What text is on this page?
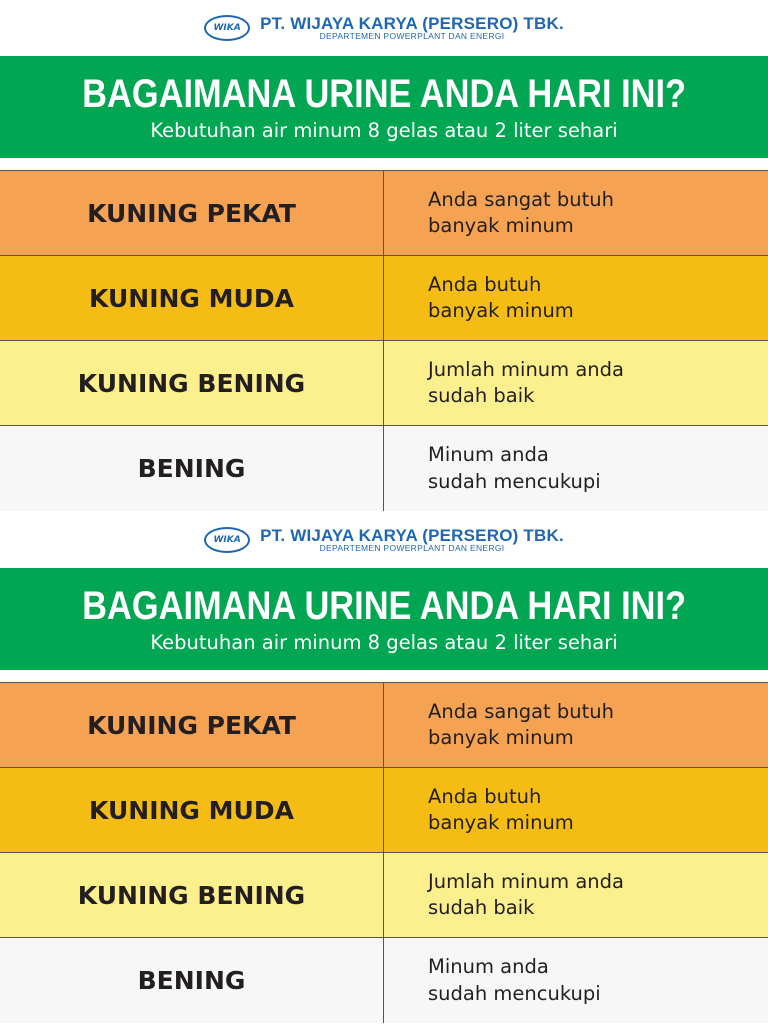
WIKA PT. WIJAYA KARYA (PERSERO) TBK.
DEPARTEMEN POWERPLANT DAN ENERGI
BAGAIMANA URINE ANDA HARI INI?
Kebutuhan air minum 8 gelas atau 2 liter sehari
KUNING PEKAT	Anda sangat butuh
banyak minum
KUNING MUDA	Anda butuh
banyak minum
KUNING BENING	Jumlah minum anda
sudah baik
BENING	Minum anda
sudah mencukupi
WIKA PT. WIJAYA KARYA (PERSERO) TBK.
DEPARTEMEN POWERPLANT DAN ENERGI
BAGAIMANA URINE ANDA HARI INI?
Kebutuhan air minum 8 gelas atau 2 liter sehari
KUNING PEKAT	Anda sangat butuh
banyak minum
KUNING MUDA	Anda butuh
banyak minum
KUNING BENING	Jumlah minum anda
sudah baik
BENING	Minum anda
sudah mencukupi
